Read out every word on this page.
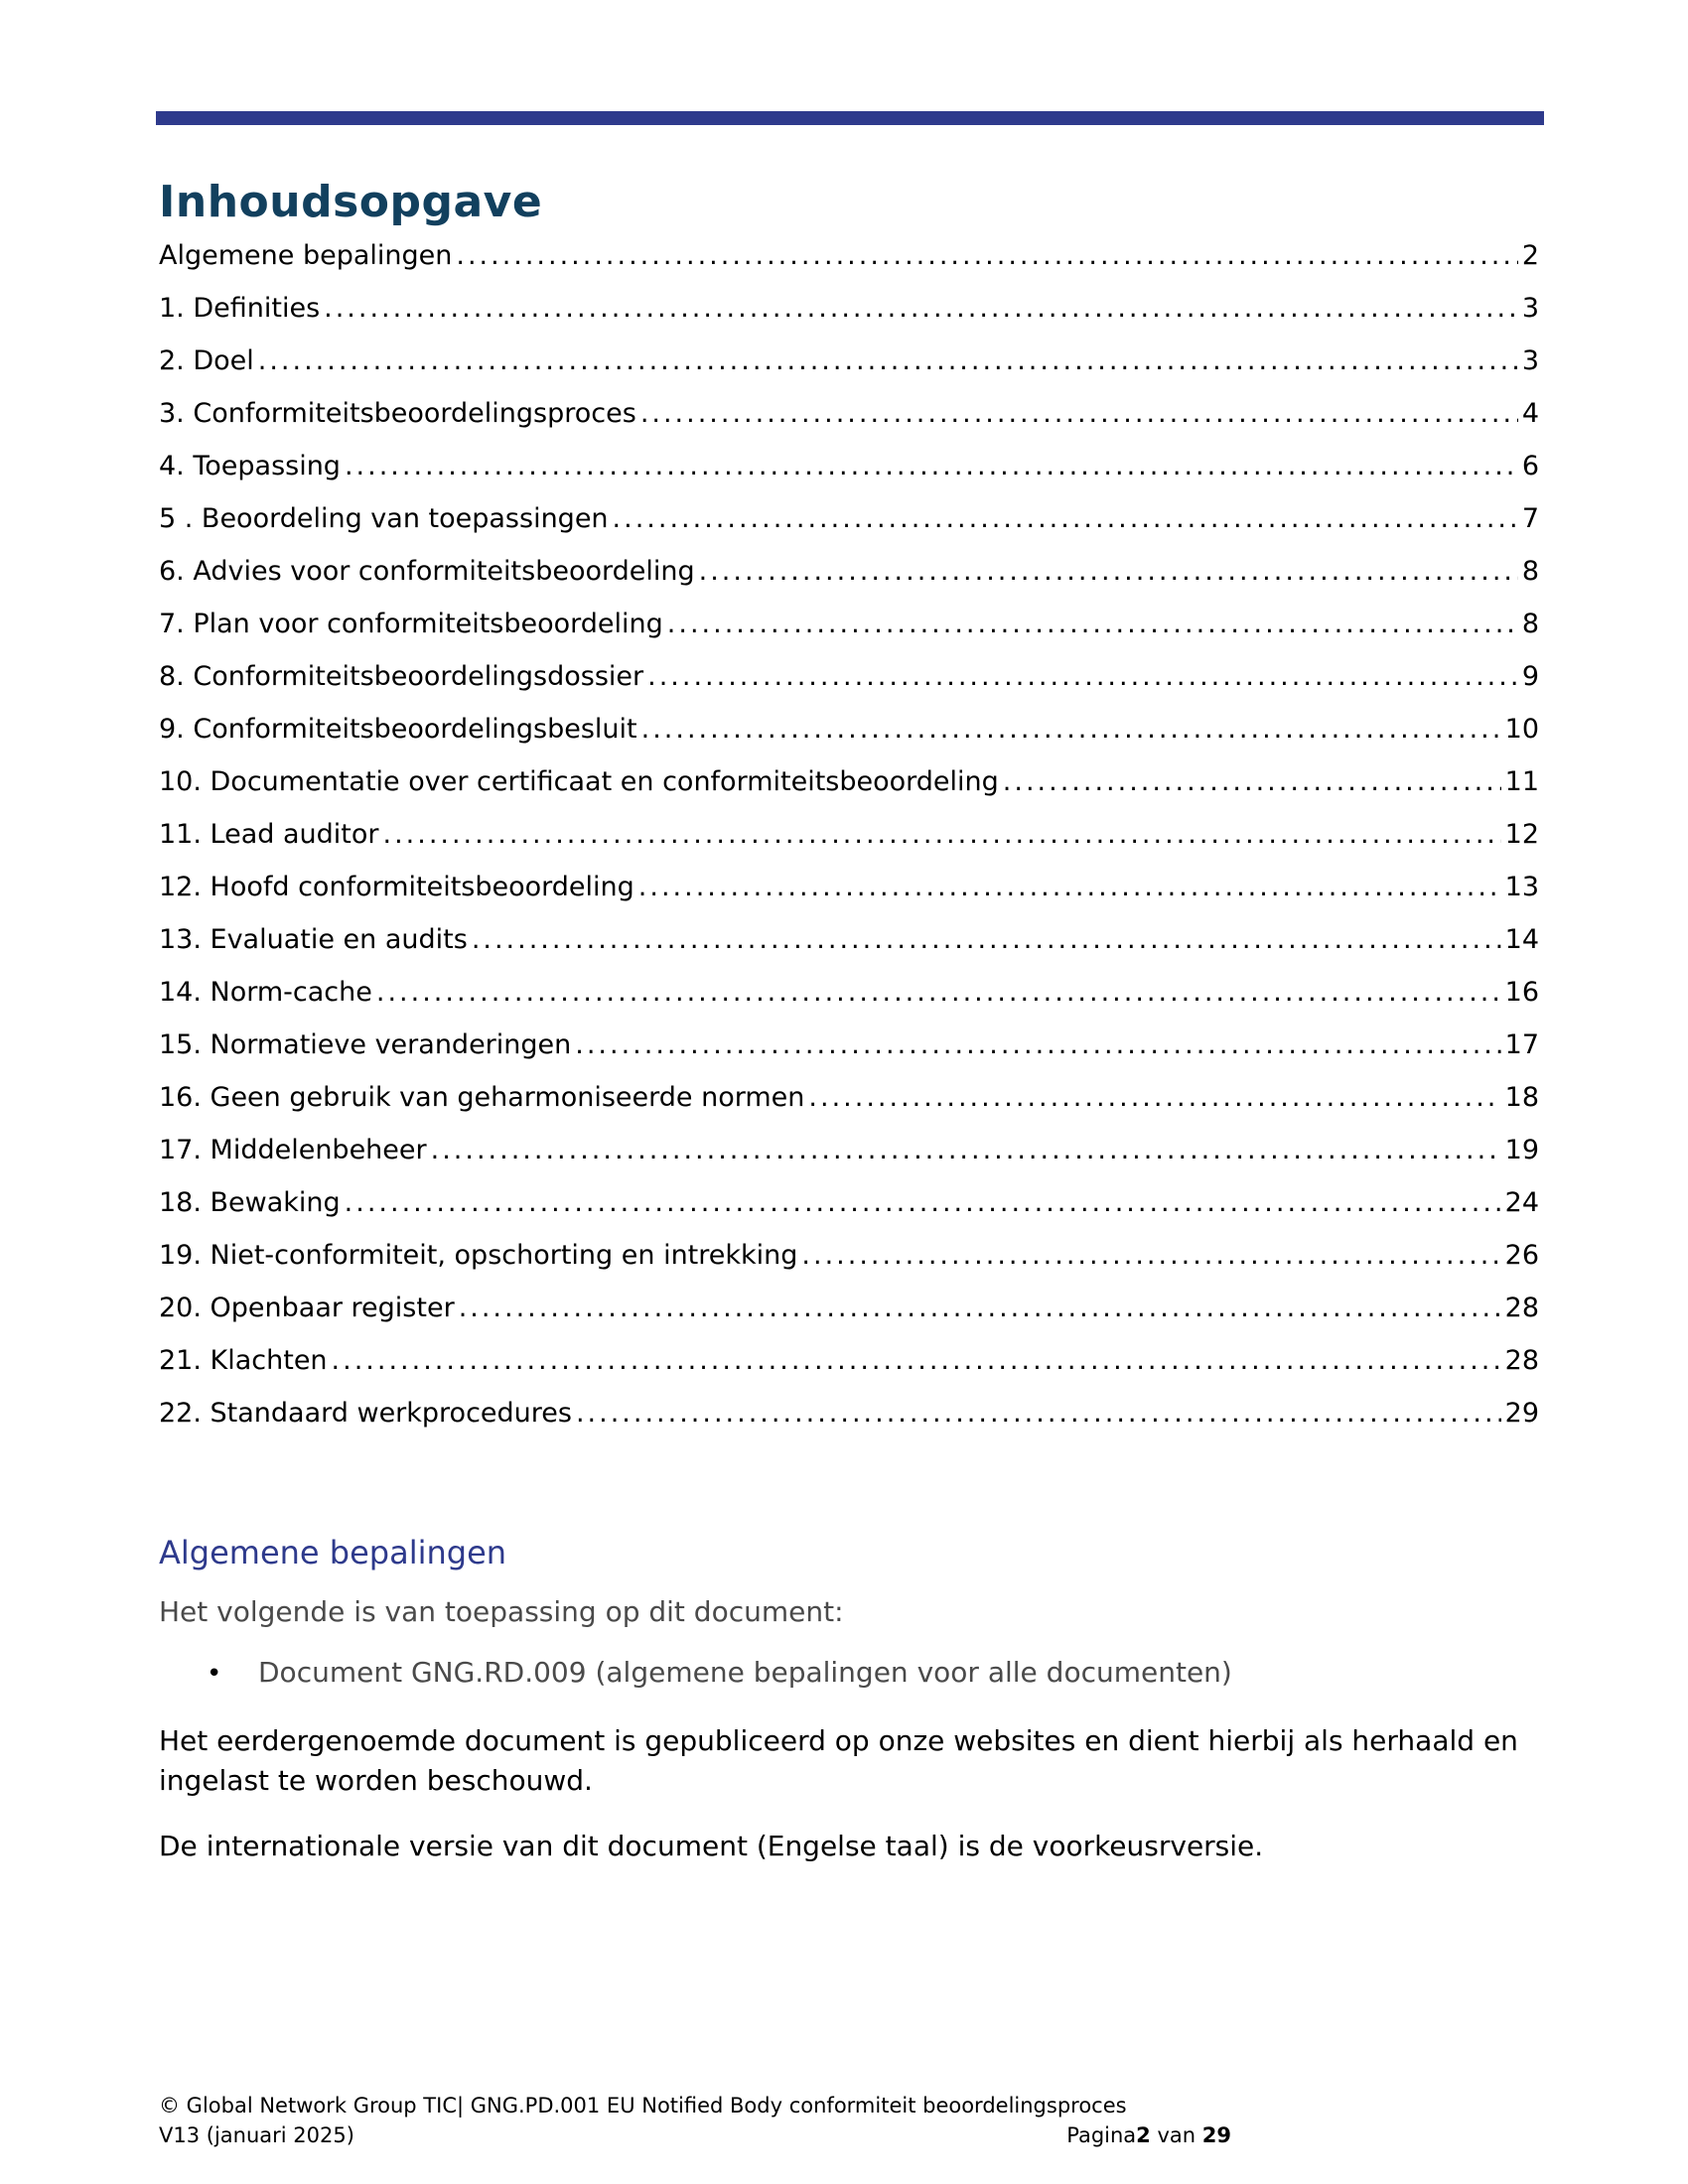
Inhoudsopgave
Algemene bepalingen .....	2
1. Definities .....	3
2. Doel .....	3
3. Conformiteitsbeoordelingsproces .....	4
4. Toepassing .....	6
5 . Beoordeling van toepassingen .....	7
6. Advies voor conformiteitsbeoordeling .....	8
7. Plan voor conformiteitsbeoordeling .....	8
8. Conformiteitsbeoordelingsdossier .....	9
9. Conformiteitsbeoordelingsbesluit .....	10
10. Documentatie over certificaat en conformiteitsbeoordeling .....	11
11. Lead auditor .....	12
12. Hoofd conformiteitsbeoordeling .....	13
13. Evaluatie en audits .....	14
14. Norm-cache .....	16
15. Normatieve veranderingen .....	17
16. Geen gebruik van geharmoniseerde normen .....	18
17. Middelenbeheer .....	19
18. Bewaking .....	24
19. Niet-conformiteit, opschorting en intrekking .....	26
20. Openbaar register .....	28
21. Klachten .....	28
22. Standaard werkprocedures .....	29
Algemene bepalingen

Het volgende is van toepassing op dit document:

•	Document GNG.RD.009 (algemene bepalingen voor alle documenten)

Het eerdergenoemde document is gepubliceerd op onze websites en dient hierbij als herhaald en ingelast te worden beschouwd.

De internationale versie van dit document (Engelse taal) is de voorkeusrversie.

© Global Network Group TIC| GNG.PD.001 EU Notified Body conformiteit beoordelingsproces
V13 (januari 2025)	Pagina2 van 29
